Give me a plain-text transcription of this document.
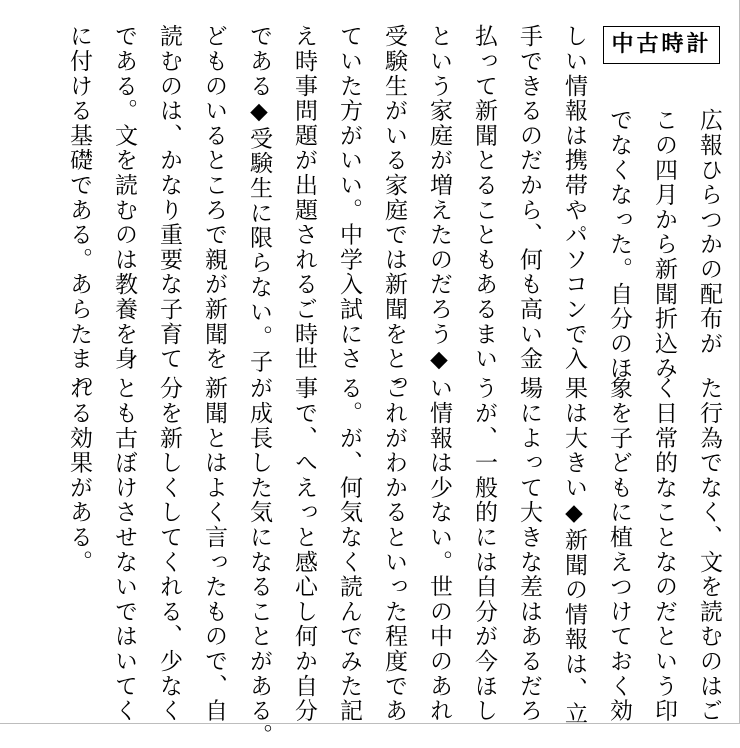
中古時計
広報ひらつかの配布が
この四月から新聞折込み
でなくなった。自分のほ
しい情報は携帯やパソコンで入
手できるのだから、何も高い金
払って新聞とることもあるまい
という家庭が増えたのだろう◆
受験生がいる家庭では新聞をとっ
ていた方がいい。中学入試にさ
え時事問題が出題されるご時世
である◆受験生に限らない。子
どものいるところで親が新聞を
読むのは、かなり重要な子育て
である。文を読むのは教養を身
に付ける基礎である。あらたまっ
た行為でなく、文を読むのはご
く日常的なことなのだという印
象を子どもに植えつけておく効
果は大きい◆新聞の情報は、立
場によって大きな差はあるだろ
うが、一般的には自分が今ほし
い情報は少ない。世の中のあれ
これがわかるといった程度であ
る。が、何気なく読んでみた記
事で、へえっと感心し何か自分
が成長した気になることがある。
新聞とはよく言ったもので、自
分を新しくしてくれる、少なく
とも古ぼけさせないではいてく
れる効果がある。
